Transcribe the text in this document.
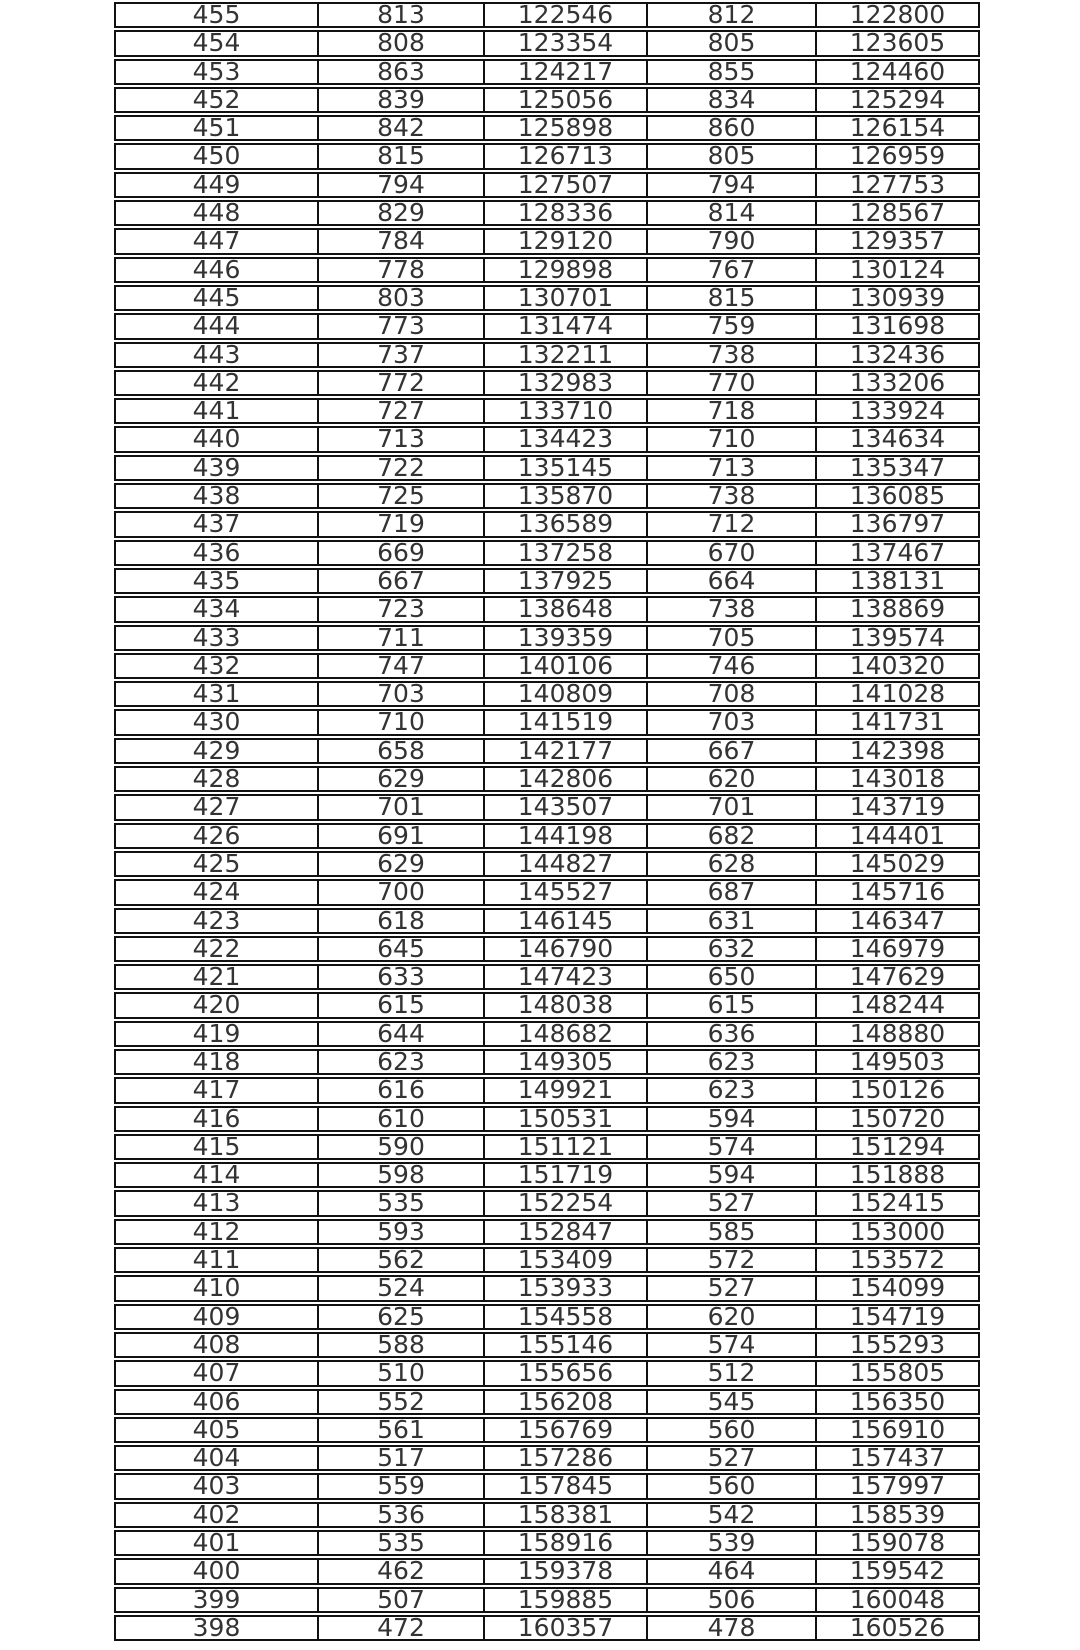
455	813	122546	812	122800
454	808	123354	805	123605
453	863	124217	855	124460
452	839	125056	834	125294
451	842	125898	860	126154
450	815	126713	805	126959
449	794	127507	794	127753
448	829	128336	814	128567
447	784	129120	790	129357
446	778	129898	767	130124
445	803	130701	815	130939
444	773	131474	759	131698
443	737	132211	738	132436
442	772	132983	770	133206
441	727	133710	718	133924
440	713	134423	710	134634
439	722	135145	713	135347
438	725	135870	738	136085
437	719	136589	712	136797
436	669	137258	670	137467
435	667	137925	664	138131
434	723	138648	738	138869
433	711	139359	705	139574
432	747	140106	746	140320
431	703	140809	708	141028
430	710	141519	703	141731
429	658	142177	667	142398
428	629	142806	620	143018
427	701	143507	701	143719
426	691	144198	682	144401
425	629	144827	628	145029
424	700	145527	687	145716
423	618	146145	631	146347
422	645	146790	632	146979
421	633	147423	650	147629
420	615	148038	615	148244
419	644	148682	636	148880
418	623	149305	623	149503
417	616	149921	623	150126
416	610	150531	594	150720
415	590	151121	574	151294
414	598	151719	594	151888
413	535	152254	527	152415
412	593	152847	585	153000
411	562	153409	572	153572
410	524	153933	527	154099
409	625	154558	620	154719
408	588	155146	574	155293
407	510	155656	512	155805
406	552	156208	545	156350
405	561	156769	560	156910
404	517	157286	527	157437
403	559	157845	560	157997
402	536	158381	542	158539
401	535	158916	539	159078
400	462	159378	464	159542
399	507	159885	506	160048
398	472	160357	478	160526
